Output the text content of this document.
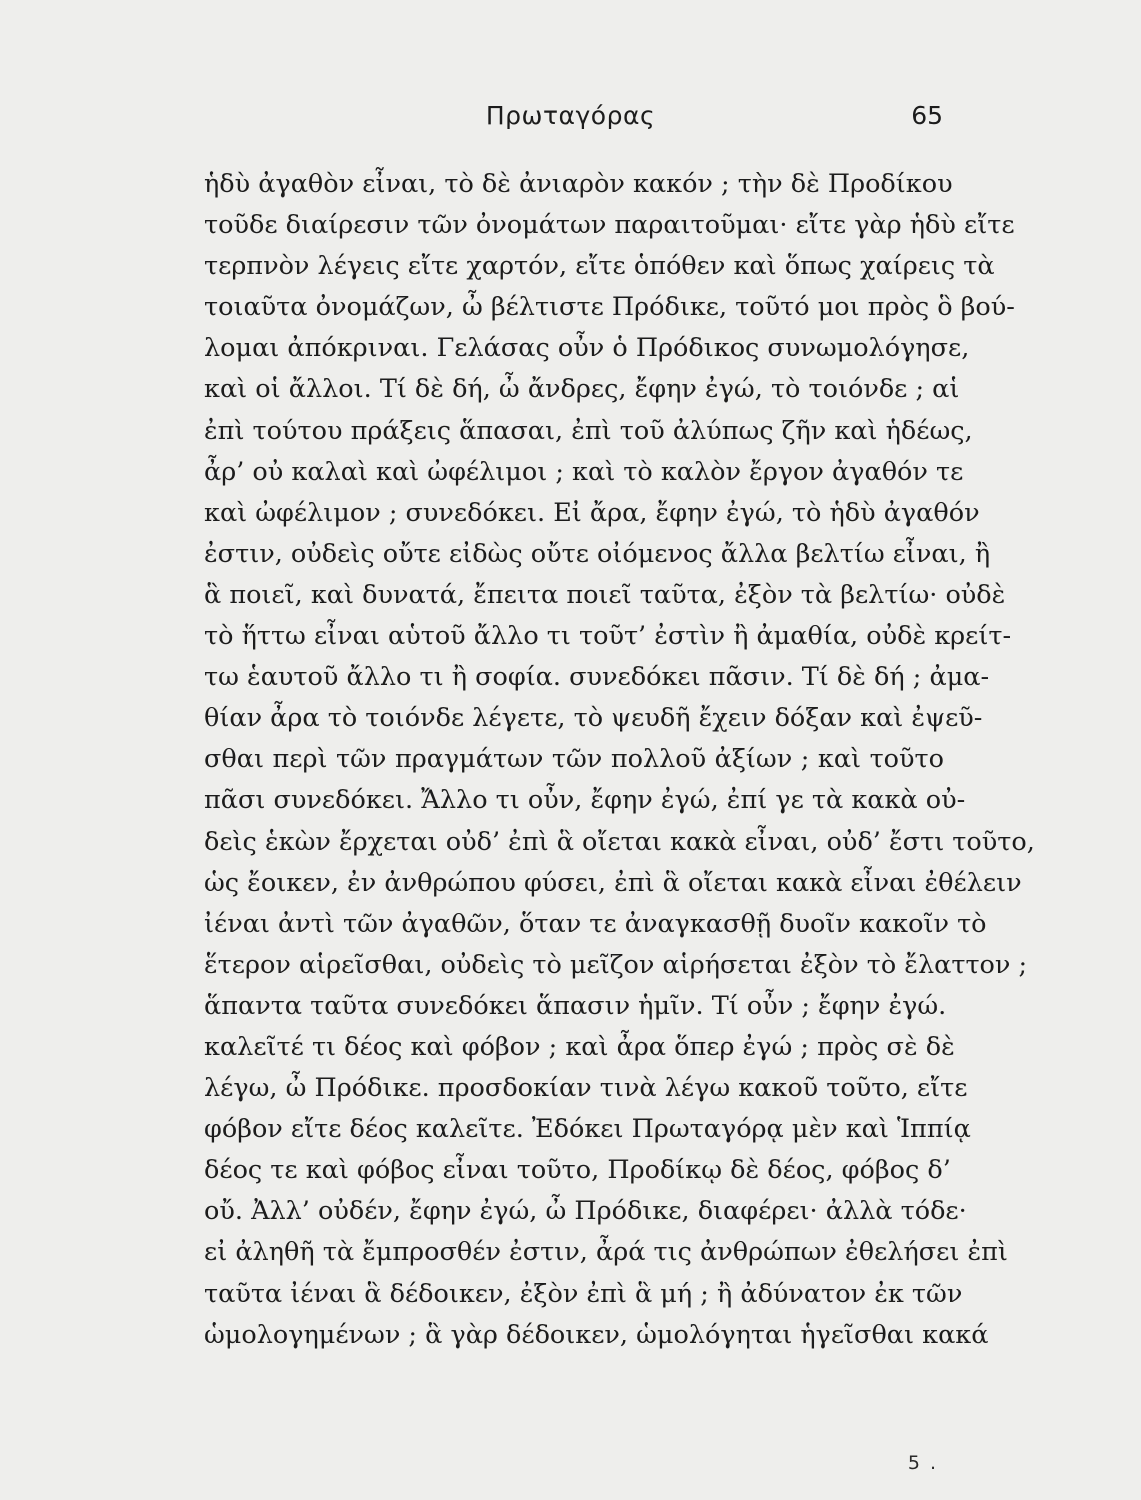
Πρωταγόρας	65
ἡδὺ ἀγαθὸν εἶναι, τὸ δὲ ἀνιαρὸν κακόν ; τὴν δὲ Προδίκου
τοῦδε διαίρεσιν τῶν ὀνομάτων παραιτοῦμαι· εἴτε γὰρ ἡδὺ εἴτε
τερπνὸν λέγεις εἴτε χαρτόν, εἴτε ὁπόθεν καὶ ὅπως χαίρεις τὰ
τοιαῦτα ὀνομάζων, ὦ βέλτιστε Πρόδικε, τοῦτό μοι πρὸς ὃ βού-
λομαι ἀπόκριναι. Γελάσας οὖν ὁ Πρόδικος συνωμολόγησε,
καὶ οἱ ἄλλοι. Τί δὲ δή, ὦ ἄνδρες, ἔφην ἐγώ, τὸ τοιόνδε ; αἱ
ἐπὶ τούτου πράξεις ἅπασαι, ἐπὶ τοῦ ἀλύπως ζῆν καὶ ἡδέως,
ἆρ’ οὐ καλαὶ καὶ ὠφέλιμοι ; καὶ τὸ καλὸν ἔργον ἀγαθόν τε
καὶ ὠφέλιμον ; συνεδόκει. Εἰ ἄρα, ἔφην ἐγώ, τὸ ἡδὺ ἀγαθόν
ἐστιν, οὐδεὶς οὔτε εἰδὼς οὔτε οἰόμενος ἄλλα βελτίω εἶναι, ἢ
ἃ ποιεῖ, καὶ δυνατά, ἔπειτα ποιεῖ ταῦτα, ἐξὸν τὰ βελτίω· οὐδὲ
τὸ ἥττω εἶναι αὑτοῦ ἄλλο τι τοῦτ’ ἐστὶν ἢ ἀμαθία, οὐδὲ κρείτ-
τω ἑαυτοῦ ἄλλο τι ἢ σοφία. συνεδόκει πᾶσιν. Τί δὲ δή ; ἀμα-
θίαν ἆρα τὸ τοιόνδε λέγετε, τὸ ψευδῆ ἔχειν δόξαν καὶ ἐψεῦ-
σθαι περὶ τῶν πραγμάτων τῶν πολλοῦ ἀξίων ; καὶ τοῦτο
πᾶσι συνεδόκει. Ἄλλο τι οὖν, ἔφην ἐγώ, ἐπί γε τὰ κακὰ οὐ-
δεὶς ἑκὼν ἔρχεται οὐδ’ ἐπὶ ἃ οἴεται κακὰ εἶναι, οὐδ’ ἔστι τοῦτο,
ὡς ἔοικεν, ἐν ἀνθρώπου φύσει, ἐπὶ ἃ οἴεται κακὰ εἶναι ἐθέλειν
ἰέναι ἀντὶ τῶν ἀγαθῶν, ὅταν τε ἀναγκασθῇ δυοῖν κακοῖν τὸ
ἕτερον αἱρεῖσθαι, οὐδεὶς τὸ μεῖζον αἱρήσεται ἐξὸν τὸ ἔλαττον ;
ἅπαντα ταῦτα συνεδόκει ἅπασιν ἡμῖν. Τί οὖν ; ἔφην ἐγώ.
καλεῖτέ τι δέος καὶ φόβον ; καὶ ἆρα ὅπερ ἐγώ ; πρὸς σὲ δὲ
λέγω, ὦ Πρόδικε. προσδοκίαν τινὰ λέγω κακοῦ τοῦτο, εἴτε
φόβον εἴτε δέος καλεῖτε. Ἐδόκει Πρωταγόρᾳ μὲν καὶ Ἱππίᾳ
δέος τε καὶ φόβος εἶναι τοῦτο, Προδίκῳ δὲ δέος, φόβος δ’
οὔ. Ἀλλ’ οὐδέν, ἔφην ἐγώ, ὦ Πρόδικε, διαφέρει· ἀλλὰ τόδε·
εἰ ἀληθῆ τὰ ἔμπροσθέν ἐστιν, ἆρά τις ἀνθρώπων ἐθελήσει ἐπὶ
ταῦτα ἰέναι ἃ δέδοικεν, ἐξὸν ἐπὶ ἃ μή ; ἢ ἀδύνατον ἐκ τῶν
ὡμολογημένων ; ἃ γὰρ δέδοικεν, ὡμολόγηται ἡγεῖσθαι κακά
5 .
